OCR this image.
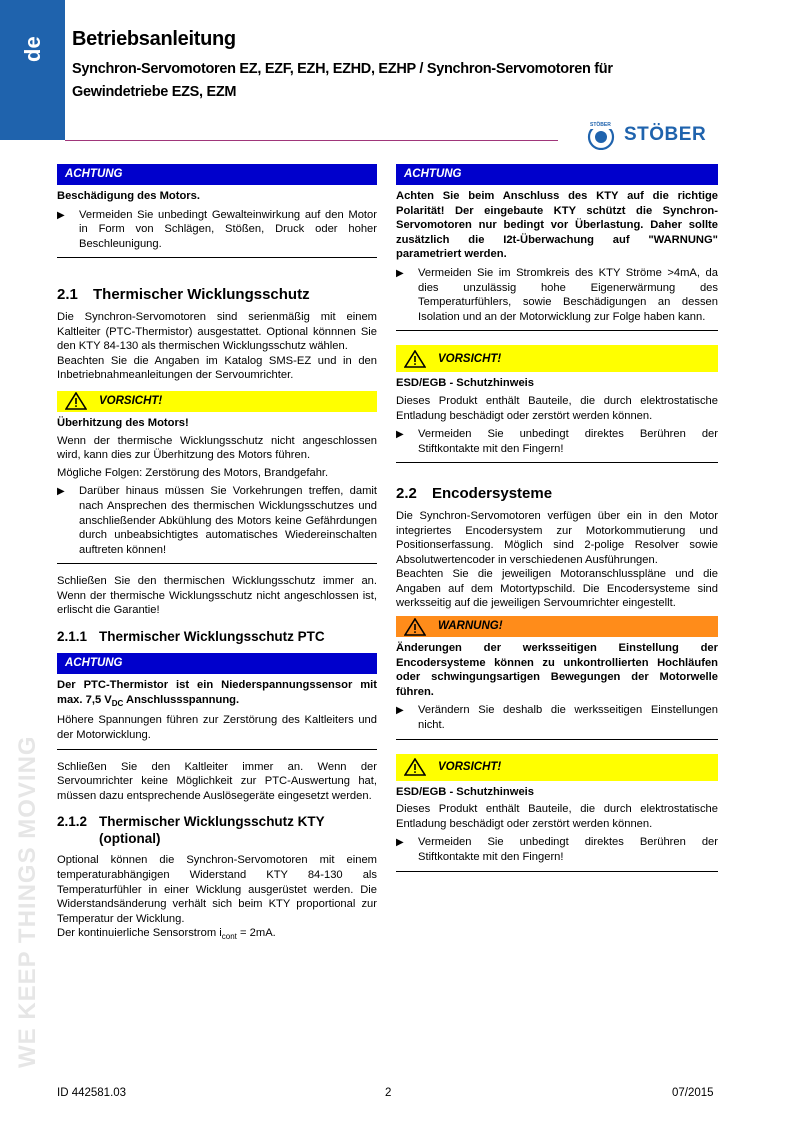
de Betriebsanleitung
Synchron-Servomotoren EZ, EZF, EZH, EZHD, EZHP / Synchron-Servomotoren für
Gewindetriebe EZS, EZM
STÖBER STÖBER
WE KEEP THINGS MOVING
ACHTUNG
Beschädigung des Motors.
▶	Vermeiden Sie unbedingt Gewalteinwirkung auf den Motor in Form von Schlägen, Stößen, Druck oder hoher Beschleunigung.
2.1 Thermischer Wicklungsschutz

Die Synchron-Servomotoren sind serienmäßig mit einem Kaltleiter (PTC-Thermistor) ausgestattet. Optional könnnen Sie den KTY 84-130 als thermischen Wicklungsschutz wählen.

Beachten Sie die Angaben im Katalog SMS-EZ und in den Inbetriebnahmeanleitungen der Servoumrichter.

VORSICHT!
Überhitzung des Motors!

Wenn der thermische Wicklungsschutz nicht angeschlossen wird, kann dies zur Überhitzung des Motors führen.

Mögliche Folgen: Zerstörung des Motors, Brandgefahr.

▶	Darüber hinaus müssen Sie Vorkehrungen treffen, damit nach Ansprechen des thermischen Wicklungsschutzes und anschließender Abkühlung des Motors keine Gefährdungen durch unbeabsichtigtes automatisches Wiedereinschalten auftreten können!

Schließen Sie den thermischen Wicklungsschutz immer an. Wenn der thermische Wicklungsschutz nicht angeschlossen ist, erlischt die Garantie!

2.1.1 Thermischer Wicklungsschutz PTC
ACHTUNG
Der PTC-Thermistor ist ein Niederspannungssensor mit max. 7,5 $V_{DC}$ Anschlussspannung.

Höhere Spannungen führen zur Zerstörung des Kaltleiters und der Motorwicklung.

Schließen Sie den Kaltleiter immer an. Wenn der Servoumrichter keine Möglichkeit zur PTC-Auswertung hat, müssen dazu entsprechende Auslösegeräte eingesetzt werden.

2.1.2 Thermischer Wicklungsschutz KTY
(optional)

Optional können die Synchron-Servomotoren mit einem temperaturabhängigen Widerstand KTY 84-130 als Temperaturfühler in einer Wicklung ausgerüstet werden. Die Widerstandsänderung verhält sich beim KTY proportional zur Temperatur der Wicklung.

Der kontinuierliche Sensorstrom $i_{cont} = 2mA$.

ACHTUNG
Achten Sie beim Anschluss des KTY auf die richtige Polarität! Der eingebaute KTY schützt die Synchron-Servomotoren nur bedingt vor Überlastung. Daher sollte zusätzlich die I2t-Überwachung auf "WARNUNG" parametriert werden.
▶	Vermeiden Sie im Stromkreis des KTY Ströme >4mA, da dies unzulässig hohe Eigenerwärmung des Temperaturfühlers, sowie Beschädigungen an dessen Isolation und an der Motorwicklung zur Folge haben kann.
VORSICHT!
ESD/EGB - Schutzhinweis

Dieses Produkt enthält Bauteile, die durch elektrostatische Entladung beschädigt oder zerstört werden können.

▶	Vermeiden Sie unbedingt direktes Berühren der Stiftkontakte mit den Fingern!
2.2 Encodersysteme

Die Synchron-Servomotoren verfügen über ein in den Motor integriertes Encodersystem zur Motorkommutierung und Positionserfassung. Möglich sind 2-polige Resolver sowie Absolutwertencoder in verschiedenen Ausführungen.

Beachten Sie die jeweiligen Motoranschlusspläne und die Angaben auf dem Motortypschild. Die Encodersysteme sind werksseitig auf die jeweiligen Servoumrichter eingestellt.

WARNUNG!
Änderungen der werksseitigen Einstellung der Encodersysteme können zu unkontrollierten Hochläufen oder schwingungsartigen Bewegungen der Motorwelle führen.
▶	Verändern Sie deshalb die werksseitigen Einstellungen nicht.
VORSICHT!
ESD/EGB - Schutzhinweis

Dieses Produkt enthält Bauteile, die durch elektrostatische Entladung beschädigt oder zerstört werden können.

▶	Vermeiden Sie unbedingt direktes Berühren der Stiftkontakte mit den Fingern!
ID 442581.03	2	07/2015
